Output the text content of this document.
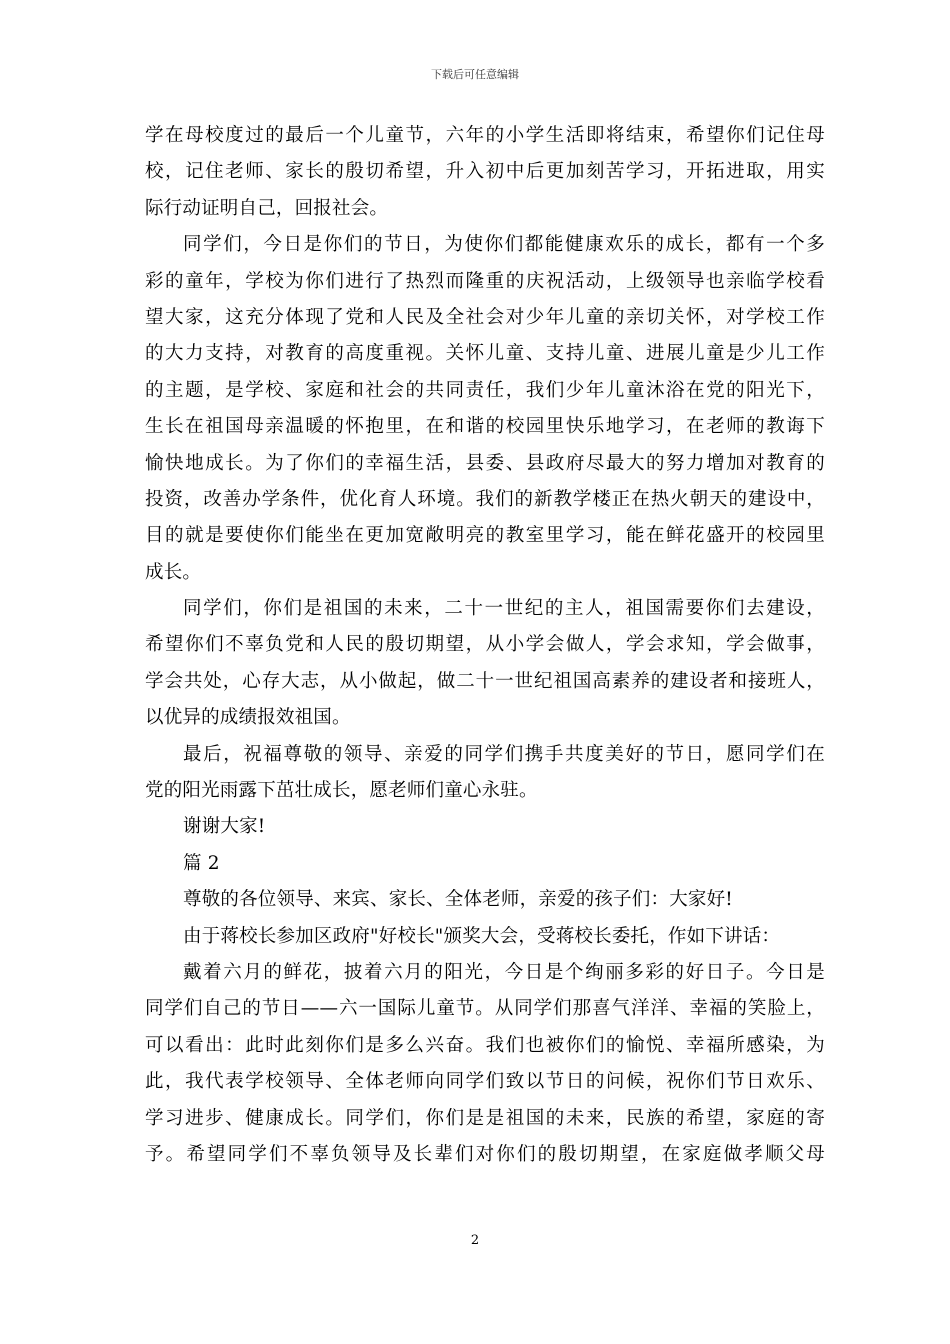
下载后可任意编辑
学在母校度过的最后一个儿童节，六年的小学生活即将结束，希望你们记住母
校，记住老师、家长的殷切希望，升入初中后更加刻苦学习，开拓进取，用实
际行动证明自己，回报社会。
同学们，今日是你们的节日，为使你们都能健康欢乐的成长，都有一个多
彩的童年，学校为你们进行了热烈而隆重的庆祝活动，上级领导也亲临学校看
望大家，这充分体现了党和人民及全社会对少年儿童的亲切关怀，对学校工作
的大力支持，对教育的高度重视。关怀儿童、支持儿童、进展儿童是少儿工作
的主题，是学校、家庭和社会的共同责任，我们少年儿童沐浴在党的阳光下，
生长在祖国母亲温暖的怀抱里，在和谐的校园里快乐地学习，在老师的教诲下
愉快地成长。为了你们的幸福生活，县委、县政府尽最大的努力增加对教育的
投资，改善办学条件，优化育人环境。我们的新教学楼正在热火朝天的建设中，
目的就是要使你们能坐在更加宽敞明亮的教室里学习，能在鲜花盛开的校园里
成长。
同学们，你们是祖国的未来，二十一世纪的主人，祖国需要你们去建设，
希望你们不辜负党和人民的殷切期望，从小学会做人，学会求知，学会做事，
学会共处，心存大志，从小做起，做二十一世纪祖国高素养的建设者和接班人，
以优异的成绩报效祖国。
最后，祝福尊敬的领导、亲爱的同学们携手共度美好的节日，愿同学们在
党的阳光雨露下茁壮成长，愿老师们童心永驻。
谢谢大家!
篇 2
尊敬的各位领导、来宾、家长、全体老师，亲爱的孩子们：大家好!
由于蒋校长参加区政府"好校长"颁奖大会，受蒋校长委托，作如下讲话：
戴着六月的鲜花，披着六月的阳光，今日是个绚丽多彩的好日子。今日是
同学们自己的节日——六一国际儿童节。从同学们那喜气洋洋、幸福的笑脸上，
可以看出：此时此刻你们是多么兴奋。我们也被你们的愉悦、幸福所感染，为
此，我代表学校领导、全体老师向同学们致以节日的问候，祝你们节日欢乐、
学习进步、健康成长。同学们，你们是是祖国的未来，民族的希望，家庭的寄
予。希望同学们不辜负领导及长辈们对你们的殷切期望，在家庭做孝顺父母
2
